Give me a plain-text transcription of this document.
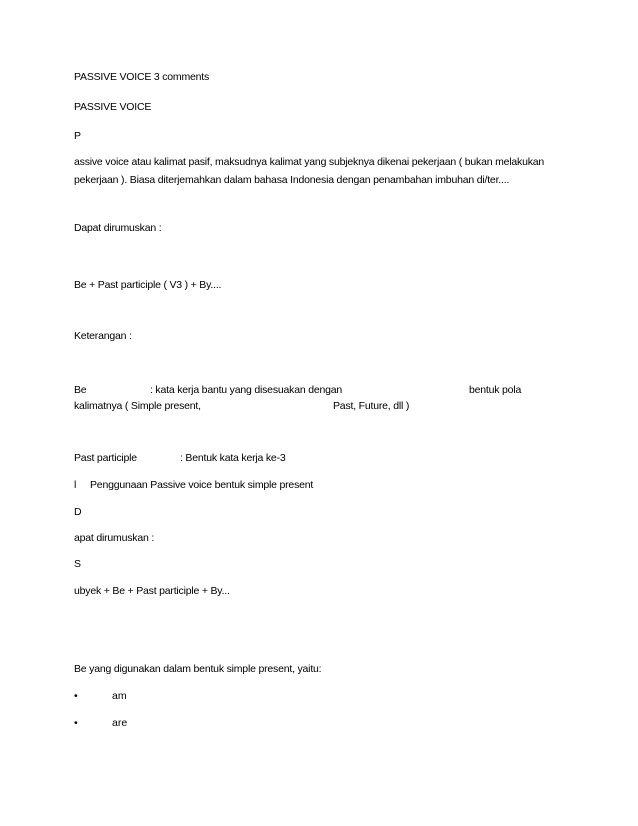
PASSIVE VOICE 3 comments
PASSIVE VOICE
P
assive voice atau kalimat pasif, maksudnya kalimat yang subjeknya dikenai pekerjaan ( bukan melakukan
pekerjaan ). Biasa diterjemahkan dalam bahasa Indonesia dengan penambahan imbuhan di/ter....
Dapat dirumuskan :
Be + Past participle ( V3 ) + By....
Keterangan :
Be	: kata kerja bantu yang disesuakan dengan	bentuk pola
kalimatnya ( Simple present,	Past, Future, dll )
Past participle	: Bentuk kata kerja ke-3
l Penggunaan Passive voice bentuk simple present
D
apat dirumuskan :
S
ubyek + Be + Past participle + By...
Be yang digunakan dalam bentuk simple present, yaitu:
•	am
•	are
